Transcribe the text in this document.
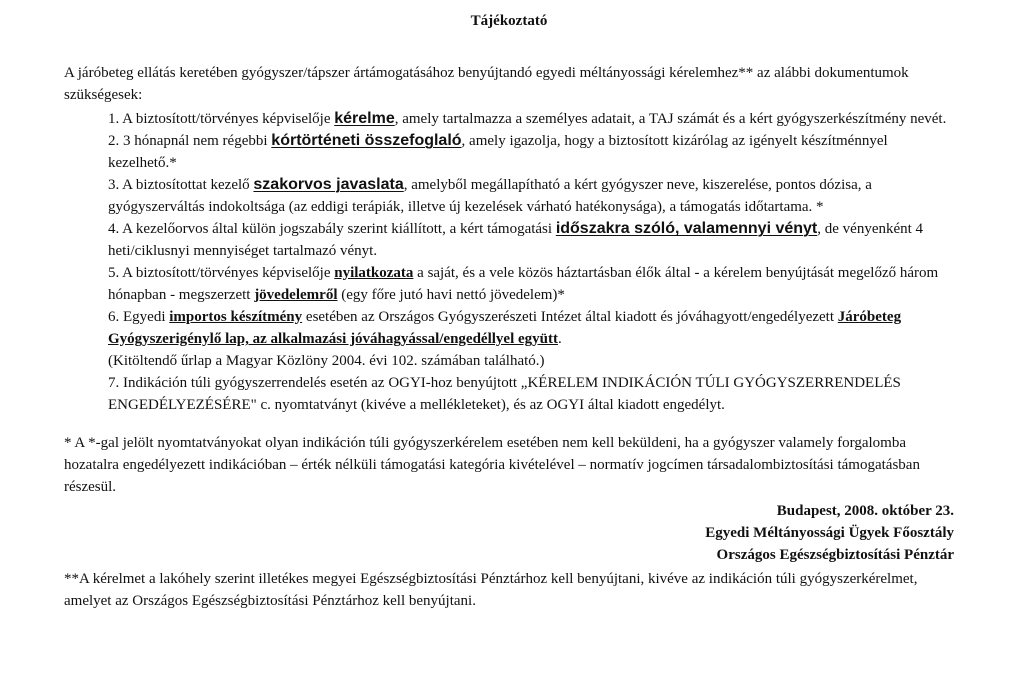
Tájékoztató
A járóbeteg ellátás keretében gyógyszer/tápszer ártámogatásához benyújtandó egyedi méltányossági kérelemhez** az alábbi dokumentumok szükségesek:
1. A biztosított/törvényes képviselője kérelme, amely tartalmazza a személyes adatait, a TAJ számát és a kért gyógyszerkészítmény nevét.
2. 3 hónapnál nem régebbi kórtörténeti összefoglaló, amely igazolja, hogy a biztosított kizárólag az igényelt készítménnyel kezelhető.*
3. A biztosítottat kezelő szakorvos javaslata, amelyből megállapítható a kért gyógyszer neve, kiszerelése, pontos dózisa, a gyógyszerváltás indokoltsága (az eddigi terápiák, illetve új kezelések várható hatékonysága), a támogatás időtartama. *
4. A kezelőorvos által külön jogszabály szerint kiállított, a kért támogatási időszakra szóló, valamennyi vényt, de vényenként 4 heti/ciklusnyi mennyiséget tartalmazó vényt.
5. A biztosított/törvényes képviselője nyilatkozata a saját, és a vele közös háztartásban élők által - a kérelem benyújtását megelőző három hónapban - megszerzett jövedelemről (egy főre jutó havi nettó jövedelem)*
6. Egyedi importos készítmény esetében az Országos Gyógyszerészeti Intézet által kiadott és jóváhagyott/engedélyezett Járóbeteg Gyógyszerigénylő lap, az alkalmazási jóváhagyással/engedéllyel együtt.
(Kitöltendő űrlap a Magyar Közlöny 2004. évi 102. számában található.)
7. Indikáción túli gyógyszerrendelés esetén az OGYI-hoz benyújtott „KÉRELEM INDIKÁCIÓN TÚLI GYÓGYSZERRENDELÉS ENGEDÉLYEZÉSÉRE" c. nyomtatványt (kivéve a mellékleteket), és az OGYI által kiadott engedélyt.
* A *-gal jelölt nyomtatványokat olyan indikáción túli gyógyszerkérelem esetében nem kell beküldeni, ha a gyógyszer valamely forgalomba hozatalra engedélyezett indikációban – érték nélküli támogatási kategória kivételével – normatív jogcímen társadalombiztosítási támogatásban részesül.
Budapest, 2008. október 23.
Egyedi Méltányossági Ügyek Főosztály
Országos Egészségbiztosítási Pénztár
**A kérelmet a lakóhely szerint illetékes megyei Egészségbiztosítási Pénztárhoz kell benyújtani, kivéve az indikáción túli gyógyszerkérelmet, amelyet az Országos Egészségbiztosítási Pénztárhoz kell benyújtani.
